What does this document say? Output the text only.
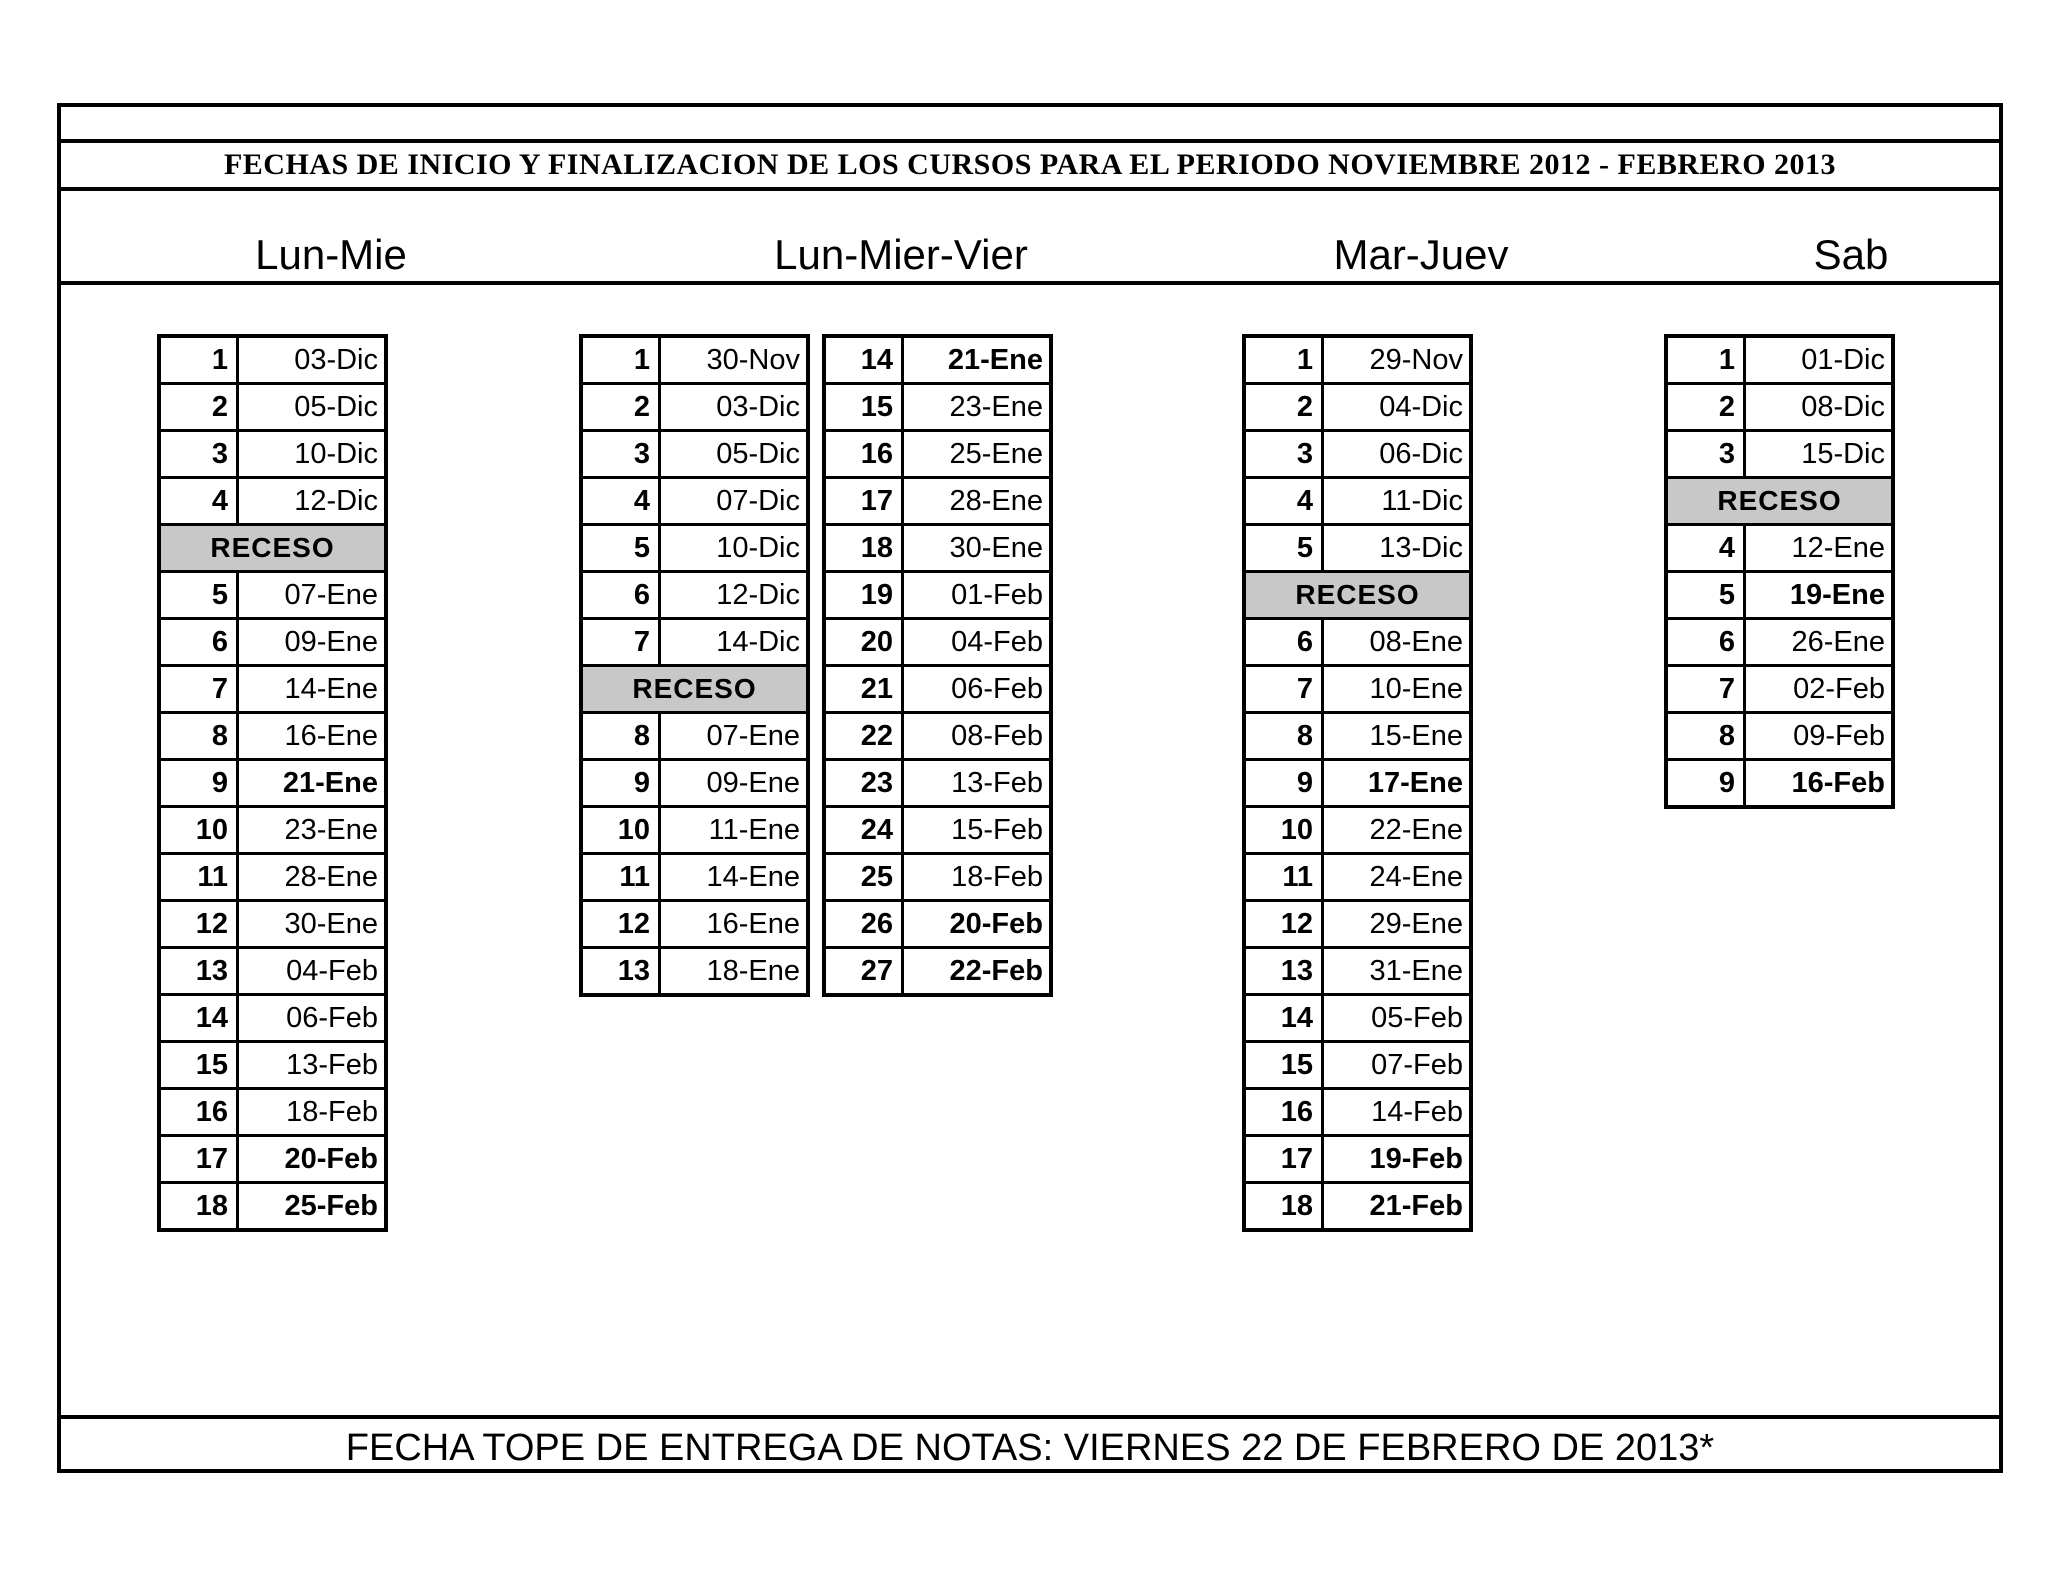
FECHAS DE INICIO Y FINALIZACION DE LOS CURSOS PARA EL PERIODO NOVIEMBRE 2012 - FEBRERO 2013
Lun-Mie	Lun-Mier-Vier	Mar-Juev	Sab
FECHA TOPE DE ENTREGA DE NOTAS: VIERNES 22 DE FEBRERO DE 2013*
1	03-Dic
2	05-Dic
3	10-Dic
4	12-Dic
RECESO	
5	07-Ene
6	09-Ene
7	14-Ene
8	16-Ene
9	21-Ene
10	23-Ene
11	28-Ene
12	30-Ene
13	04-Feb
14	06-Feb
15	13-Feb
16	18-Feb
17	20-Feb
18	25-Feb
1	30-Nov
2	03-Dic
3	05-Dic
4	07-Dic
5	10-Dic
6	12-Dic
7	14-Dic
RECESO	
8	07-Ene
9	09-Ene
10	11-Ene
11	14-Ene
12	16-Ene
13	18-Ene
14	21-Ene
15	23-Ene
16	25-Ene
17	28-Ene
18	30-Ene
19	01-Feb
20	04-Feb
21	06-Feb
22	08-Feb
23	13-Feb
24	15-Feb
25	18-Feb
26	20-Feb
27	22-Feb
1	29-Nov
2	04-Dic
3	06-Dic
4	11-Dic
5	13-Dic
RECESO	
6	08-Ene
7	10-Ene
8	15-Ene
9	17-Ene
10	22-Ene
11	24-Ene
12	29-Ene
13	31-Ene
14	05-Feb
15	07-Feb
16	14-Feb
17	19-Feb
18	21-Feb
1	01-Dic
2	08-Dic
3	15-Dic
RECESO	
4	12-Ene
5	19-Ene
6	26-Ene
7	02-Feb
8	09-Feb
9	16-Feb
